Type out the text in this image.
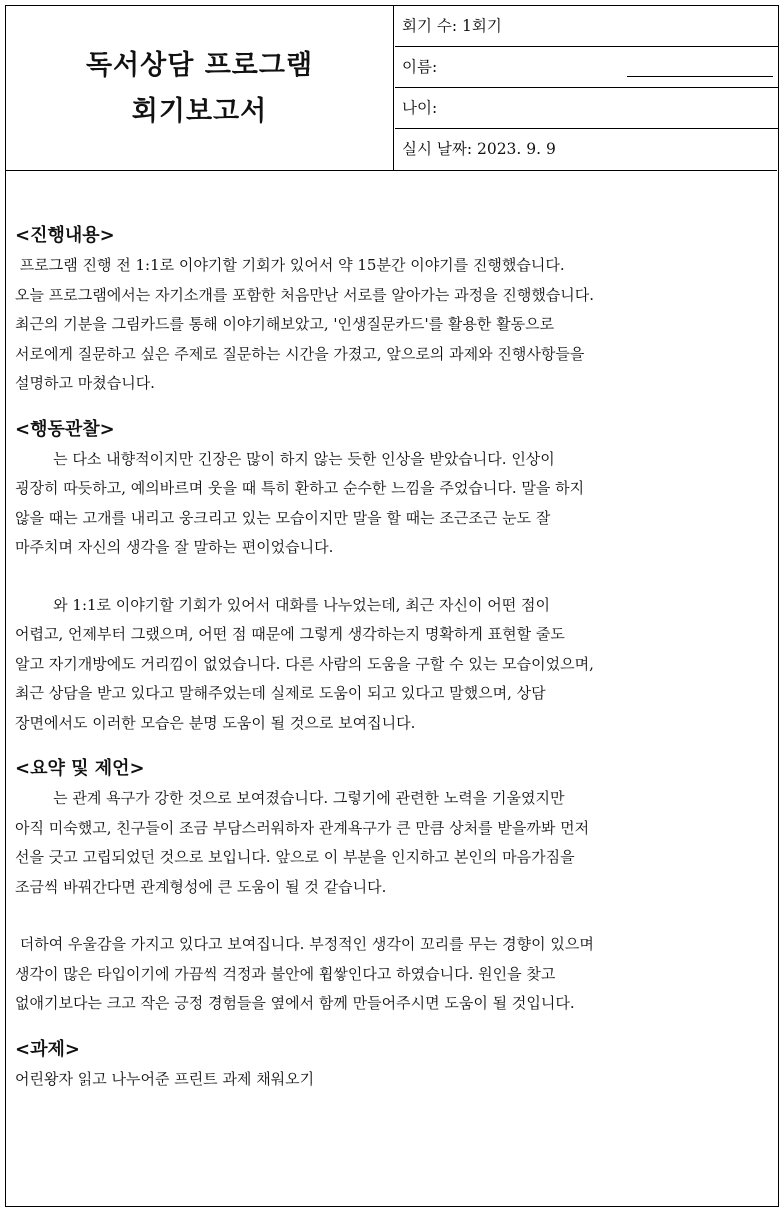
독서상담 프로그램
회기보고서
회기 수: 1회기
이름:
나이:
실시 날짜: 2023. 9. 9
<진행내용>
프로그램 진행 전 1:1로 이야기할 기회가 있어서 약 15분간 이야기를 진행했습니다.
오늘 프로그램에서는 자기소개를 포함한 처음만난 서로를 알아가는 과정을 진행했습니다.
최근의 기분을 그림카드를 통해 이야기해보았고, '인생질문카드'를 활용한 활동으로
서로에게 질문하고 싶은 주제로 질문하는 시간을 가졌고, 앞으로의 과제와 진행사항들을
설명하고 마쳤습니다.
<행동관찰>
는 다소 내향적이지만 긴장은 많이 하지 않는 듯한 인상을 받았습니다. 인상이
굉장히 따듯하고, 예의바르며 웃을 때 특히 환하고 순수한 느낌을 주었습니다. 말을 하지
않을 때는 고개를 내리고 웅크리고 있는 모습이지만 말을 할 때는 조근조근 눈도 잘
마주치며 자신의 생각을 잘 말하는 편이었습니다.
와 1:1로 이야기할 기회가 있어서 대화를 나누었는데, 최근 자신이 어떤 점이
어렵고, 언제부터 그랬으며, 어떤 점 때문에 그렇게 생각하는지 명확하게 표현할 줄도
알고 자기개방에도 거리낌이 없었습니다. 다른 사람의 도움을 구할 수 있는 모습이었으며,
최근 상담을 받고 있다고 말해주었는데 실제로 도움이 되고 있다고 말했으며, 상담
장면에서도 이러한 모습은 분명 도움이 될 것으로 보여집니다.
<요약 및 제언>
는 관계 욕구가 강한 것으로 보여졌습니다. 그렇기에 관련한 노력을 기울였지만
아직 미숙했고, 친구들이 조금 부담스러워하자 관계욕구가 큰 만큼 상처를 받을까봐 먼저
선을 긋고 고립되었던 것으로 보입니다. 앞으로 이 부분을 인지하고 본인의 마음가짐을
조금씩 바꿔간다면 관계형성에 큰 도움이 될 것 같습니다.
더하여 우울감을 가지고 있다고 보여집니다. 부정적인 생각이 꼬리를 무는 경향이 있으며
생각이 많은 타입이기에 가끔씩 걱정과 불안에 휩쌓인다고 하였습니다. 원인을 찾고
없애기보다는 크고 작은 긍정 경험들을 옆에서 함께 만들어주시면 도움이 될 것입니다.
<과제>
어린왕자 읽고 나누어준 프린트 과제 채워오기
